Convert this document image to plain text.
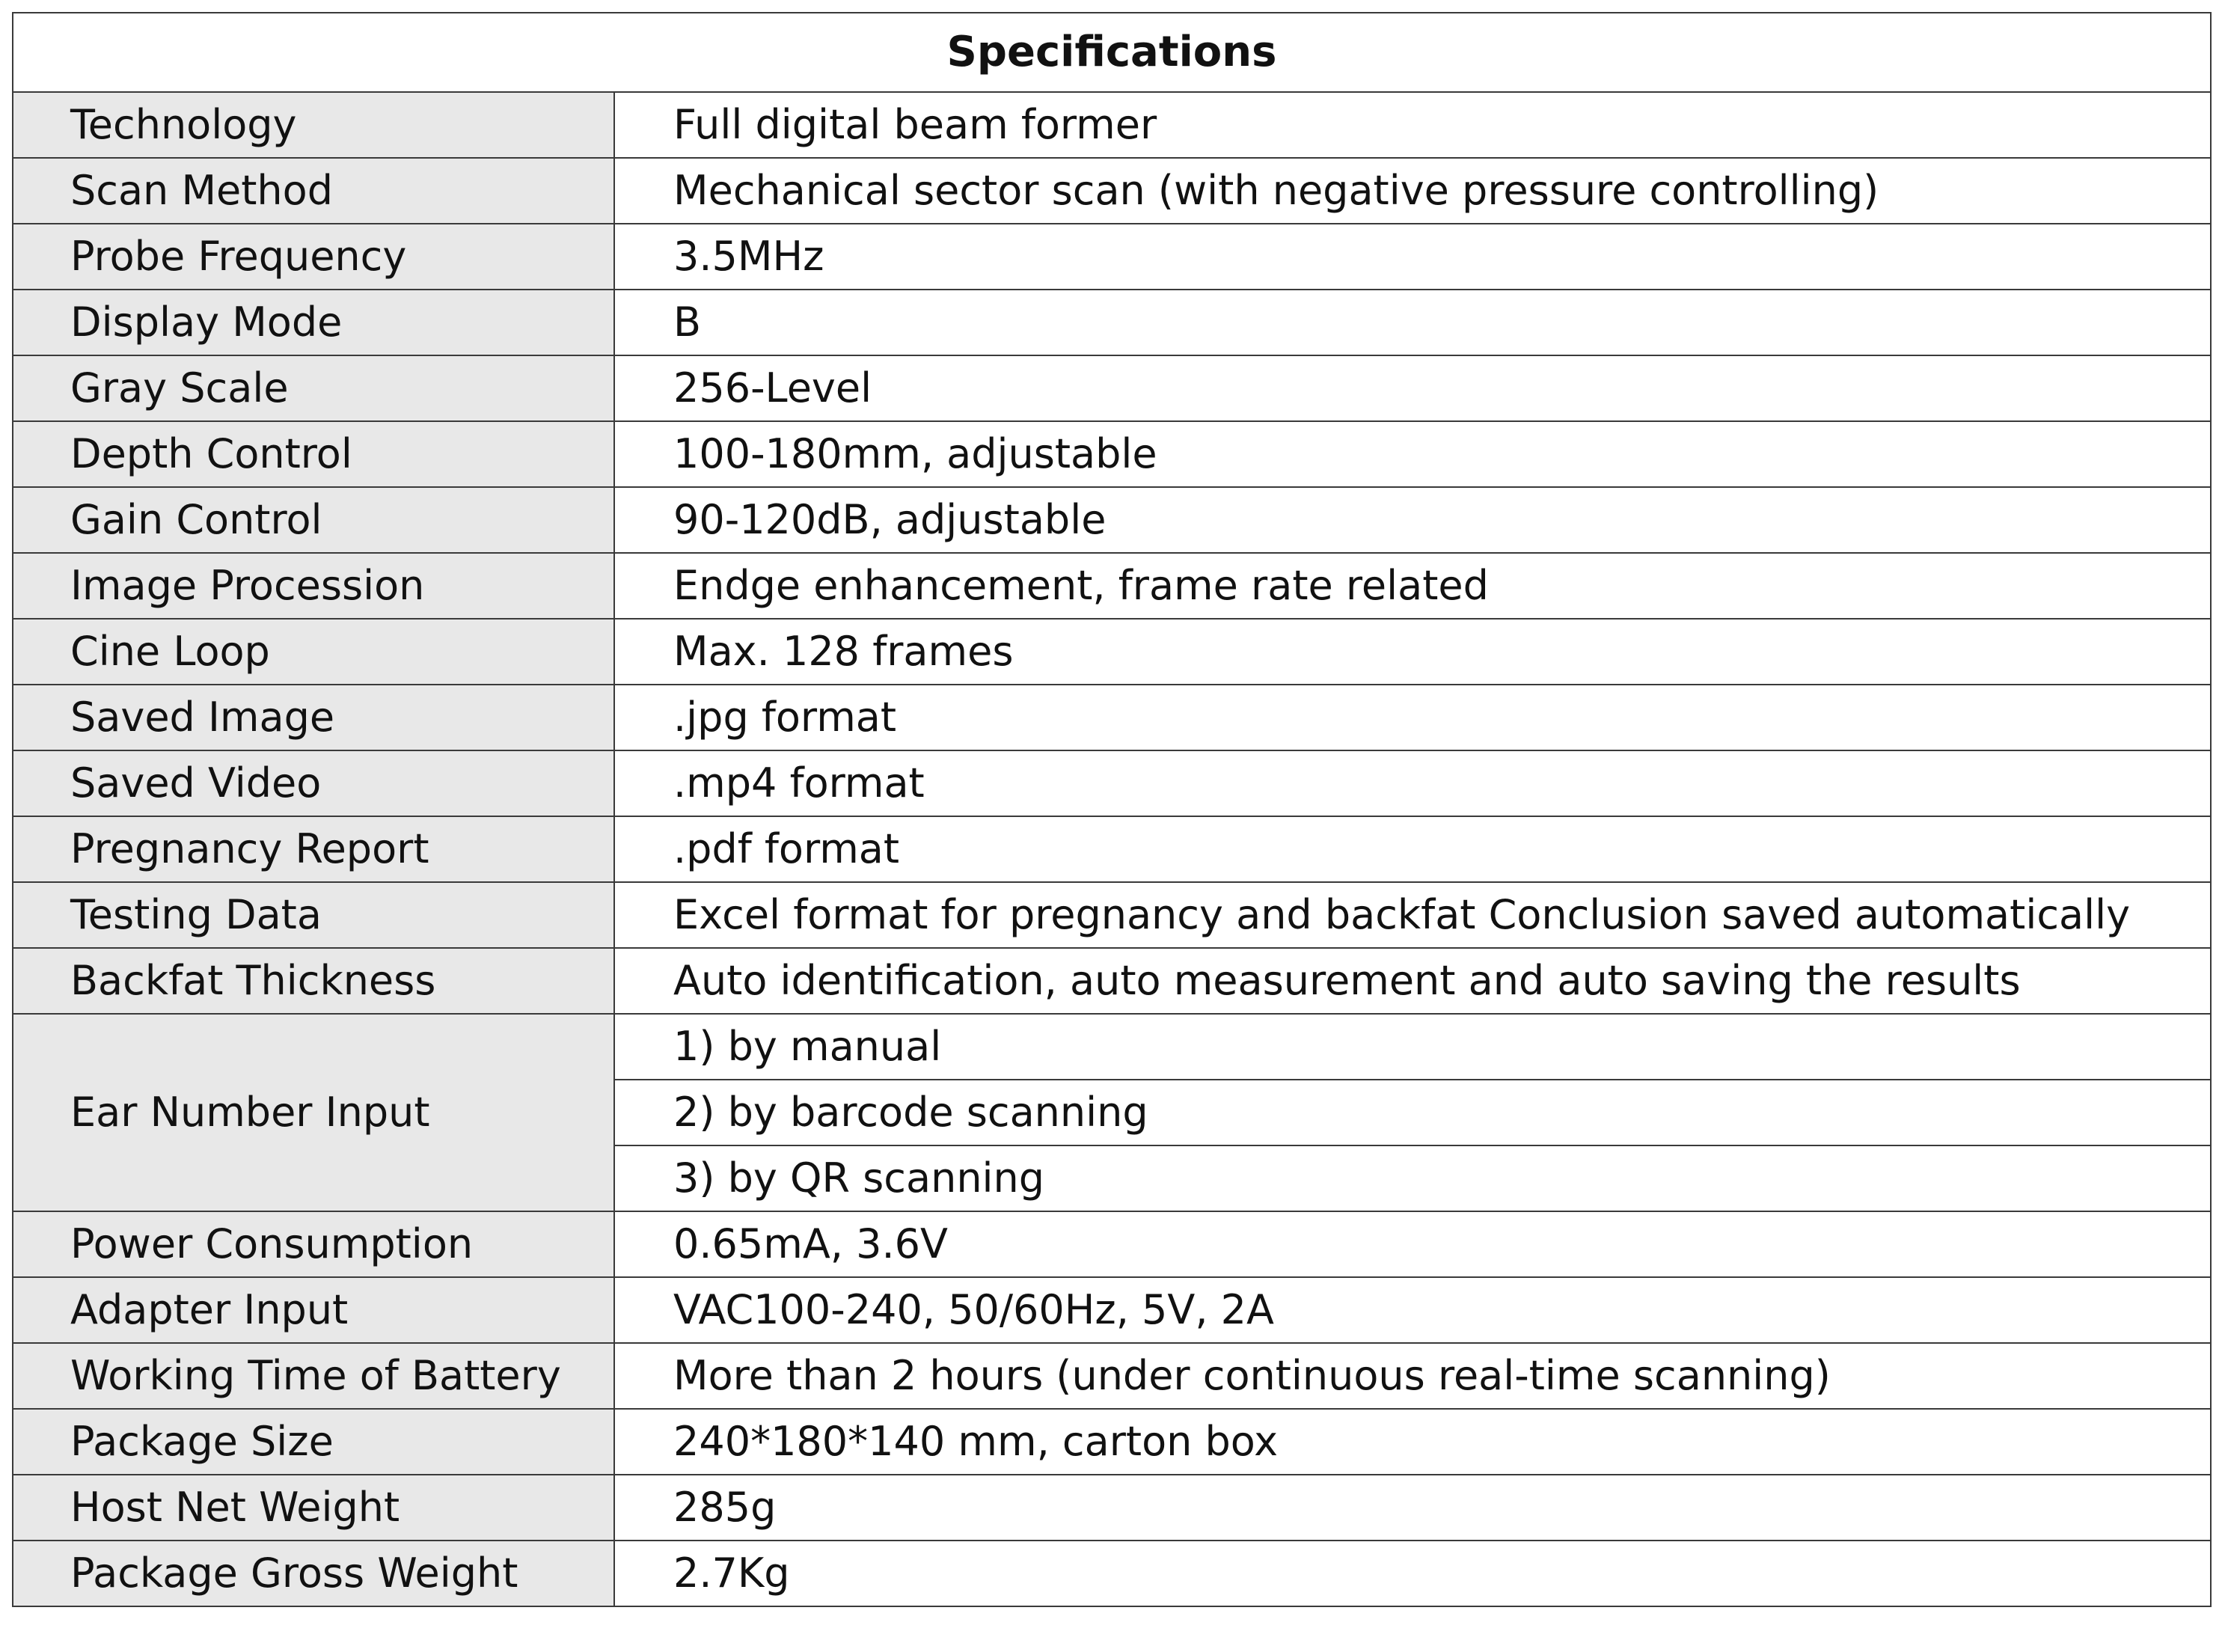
Specifications	
Technology	Full digital beam former
Scan Method	Mechanical sector scan (with negative pressure controlling)
Probe Frequency	3.5MHz
Display Mode	B
Gray Scale	256-Level
Depth Control	100-180mm, adjustable
Gain Control	90-120dB, adjustable
Image Procession	Endge enhancement, frame rate related
Cine Loop	Max. 128 frames
Saved Image	.jpg format
Saved Video	.mp4 format
Pregnancy Report	.pdf format
Testing Data	Excel format for pregnancy and backfat Conclusion saved automatically
Backfat Thickness	Auto identification, auto measurement and auto saving the results
Ear Number Input	1) by manual
	2) by barcode scanning
	3) by QR scanning
Power Consumption	0.65mA, 3.6V
Adapter Input	VAC100-240, 50/60Hz, 5V, 2A
Working Time of Battery	More than 2 hours (under continuous real-time scanning)
Package Size	240*180*140 mm, carton box
Host Net Weight	285g
Package Gross Weight	2.7Kg
